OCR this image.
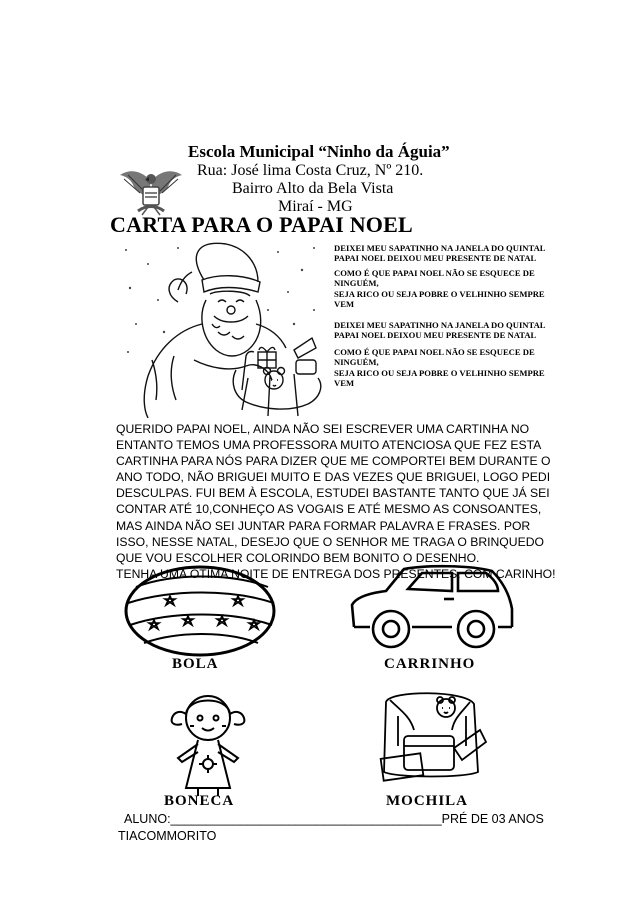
Escola Municipal “Ninho da Águia”
Rua: José lima Costa Cruz, Nº 210.
Bairro Alto da Bela Vista
Miraí - MG
CARTA PARA O PAPAI NOEL
DEIXEI MEU SAPATINHO NA JANELA DO QUINTAL
PAPAI NOEL DEIXOU MEU PRESENTE DE NATAL
COMO É QUE PAPAI NOEL NÃO SE ESQUECE DE
NINGUÉM,
SEJA RICO OU SEJA POBRE O VELHINHO SEMPRE
VEM
DEIXEI MEU SAPATINHO NA JANELA DO QUINTAL
PAPAI NOEL DEIXOU MEU PRESENTE DE NATAL
COMO É QUE PAPAI NOEL NÃO SE ESQUECE DE
NINGUÉM,
SEJA RICO OU SEJA POBRE O VELHINHO SEMPRE
VEM

QUERIDO PAPAI NOEL, AINDA NÃO SEI ESCREVER UMA CARTINHA NO

ENTANTO TEMOS UMA PROFESSORA MUITO ATENCIOSA QUE FEZ ESTA

CARTINHA PARA NÓS PARA DIZER QUE ME COMPORTEI BEM DURANTE O

ANO TODO, NÃO BRIGUEI MUITO E DAS VEZES QUE BRIGUEI, LOGO PEDI

DESCULPAS. FUI BEM À ESCOLA, ESTUDEI BASTANTE TANTO QUE JÁ SEI

CONTAR ATÉ 10,CONHEÇO AS VOGAIS E ATÉ MESMO AS CONSOANTES,

MAS AINDA NÃO SEI JUNTAR PARA FORMAR PALAVRA E FRASES. POR

ISSO, NESSE NATAL, DESEJO QUE O SENHOR ME TRAGA O BRINQUEDO

QUE VOU ESCOLHER COLORINDO BEM BONITO O DESENHO.

TENHA UMA ÓTIMA NOITE DE ENTREGA DOS PRESENTES. COM CARINHO!

BOLA	CARRINHO
BONECA	MOCHILA
ALUNO:_______________________________________PRÉ DE 03 ANOS
TIACOMMORITO
